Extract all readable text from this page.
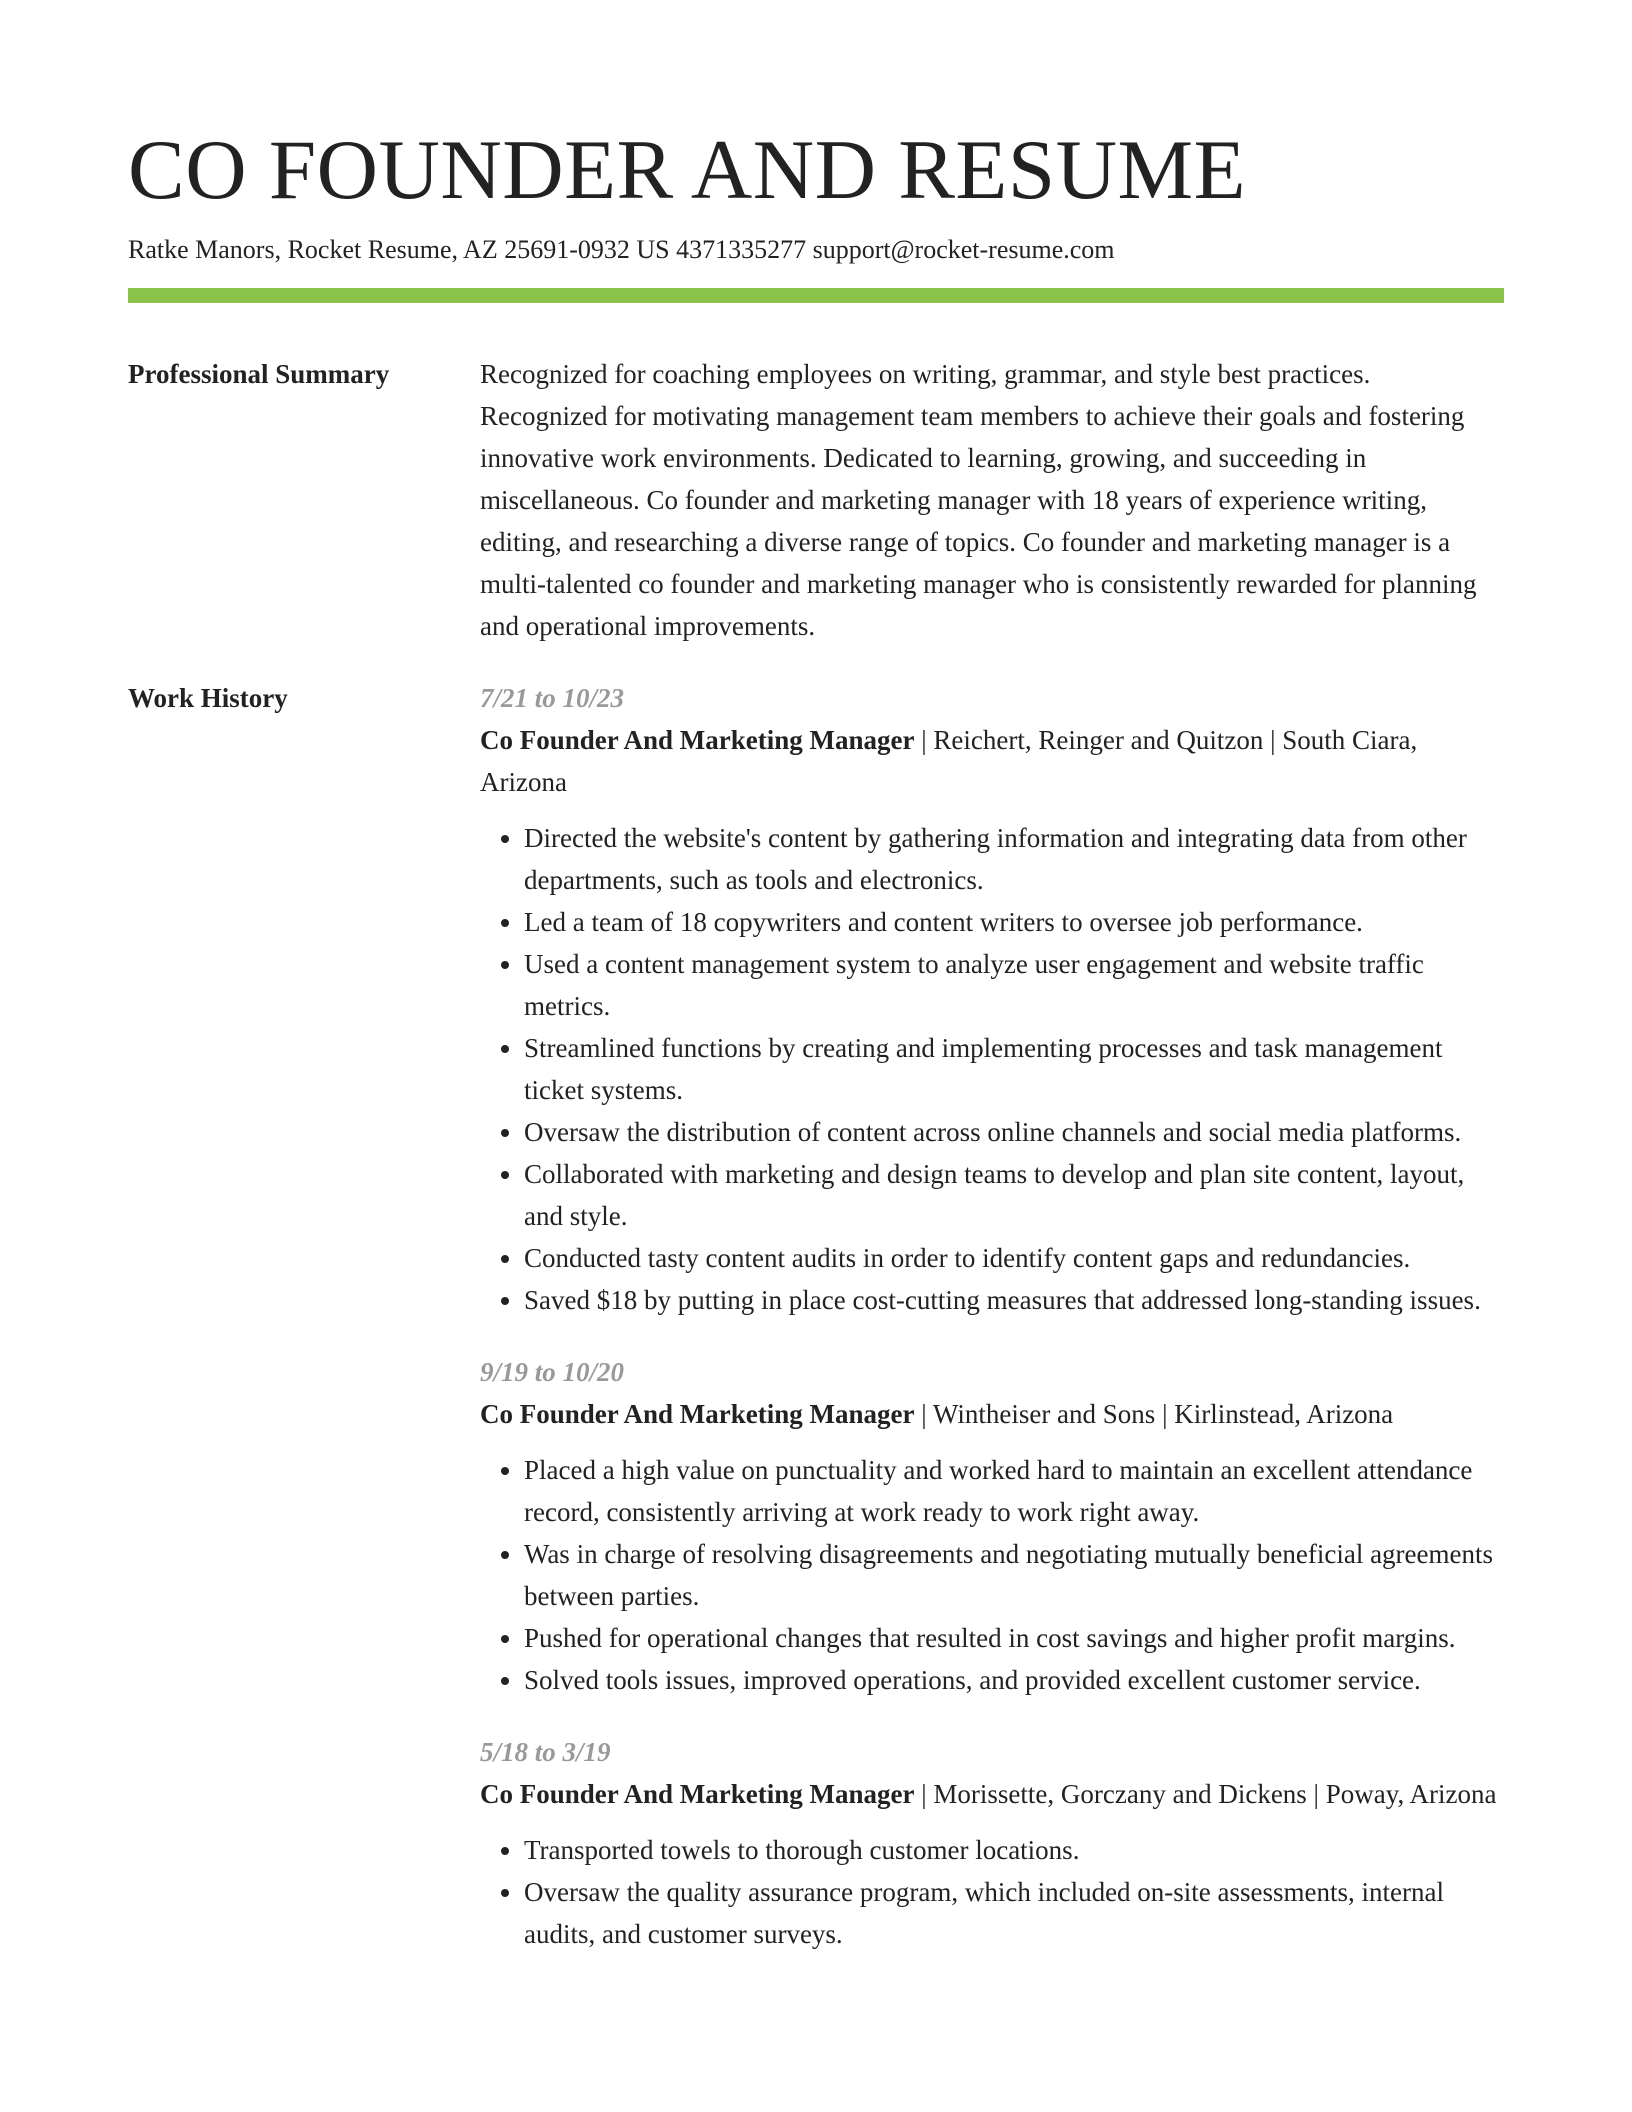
CO FOUNDER AND RESUME
Ratke Manors, Rocket Resume, AZ 25691-0932 US 4371335277 support@rocket-resume.com
Professional Summary	Recognized for coaching employees on writing, grammar, and style best practices. Recognized for motivating management team members to achieve their goals and fostering innovative work environments. Dedicated to learning, growing, and succeeding in miscellaneous. Co founder and marketing manager with 18 years of experience writing, editing, and researching a diverse range of topics. Co founder and marketing manager is a multi-talented co founder and marketing manager who is consistently rewarded for planning and operational improvements.

Work History	7/21 to 10/23
Co Founder And Marketing Manager | Reichert, Reinger and Quitzon | South Ciara, Arizona
• Directed the website's content by gathering information and integrating data from other departments, such as tools and electronics.
• Led a team of 18 copywriters and content writers to oversee job performance.
• Used a content management system to analyze user engagement and website traffic metrics.
• Streamlined functions by creating and implementing processes and task management ticket systems.
• Oversaw the distribution of content across online channels and social media platforms.
• Collaborated with marketing and design teams to develop and plan site content, layout, and style.
• Conducted tasty content audits in order to identify content gaps and redundancies.
• Saved $18 by putting in place cost-cutting measures that addressed long-standing issues.
9/19 to 10/20
Co Founder And Marketing Manager | Wintheiser and Sons | Kirlinstead, Arizona
• Placed a high value on punctuality and worked hard to maintain an excellent attendance record, consistently arriving at work ready to work right away.
• Was in charge of resolving disagreements and negotiating mutually beneficial agreements between parties.
• Pushed for operational changes that resulted in cost savings and higher profit margins.
• Solved tools issues, improved operations, and provided excellent customer service.
5/18 to 3/19
Co Founder And Marketing Manager | Morissette, Gorczany and Dickens | Poway, Arizona
• Transported towels to thorough customer locations.
• Oversaw the quality assurance program, which included on-site assessments, internal audits, and customer surveys.
